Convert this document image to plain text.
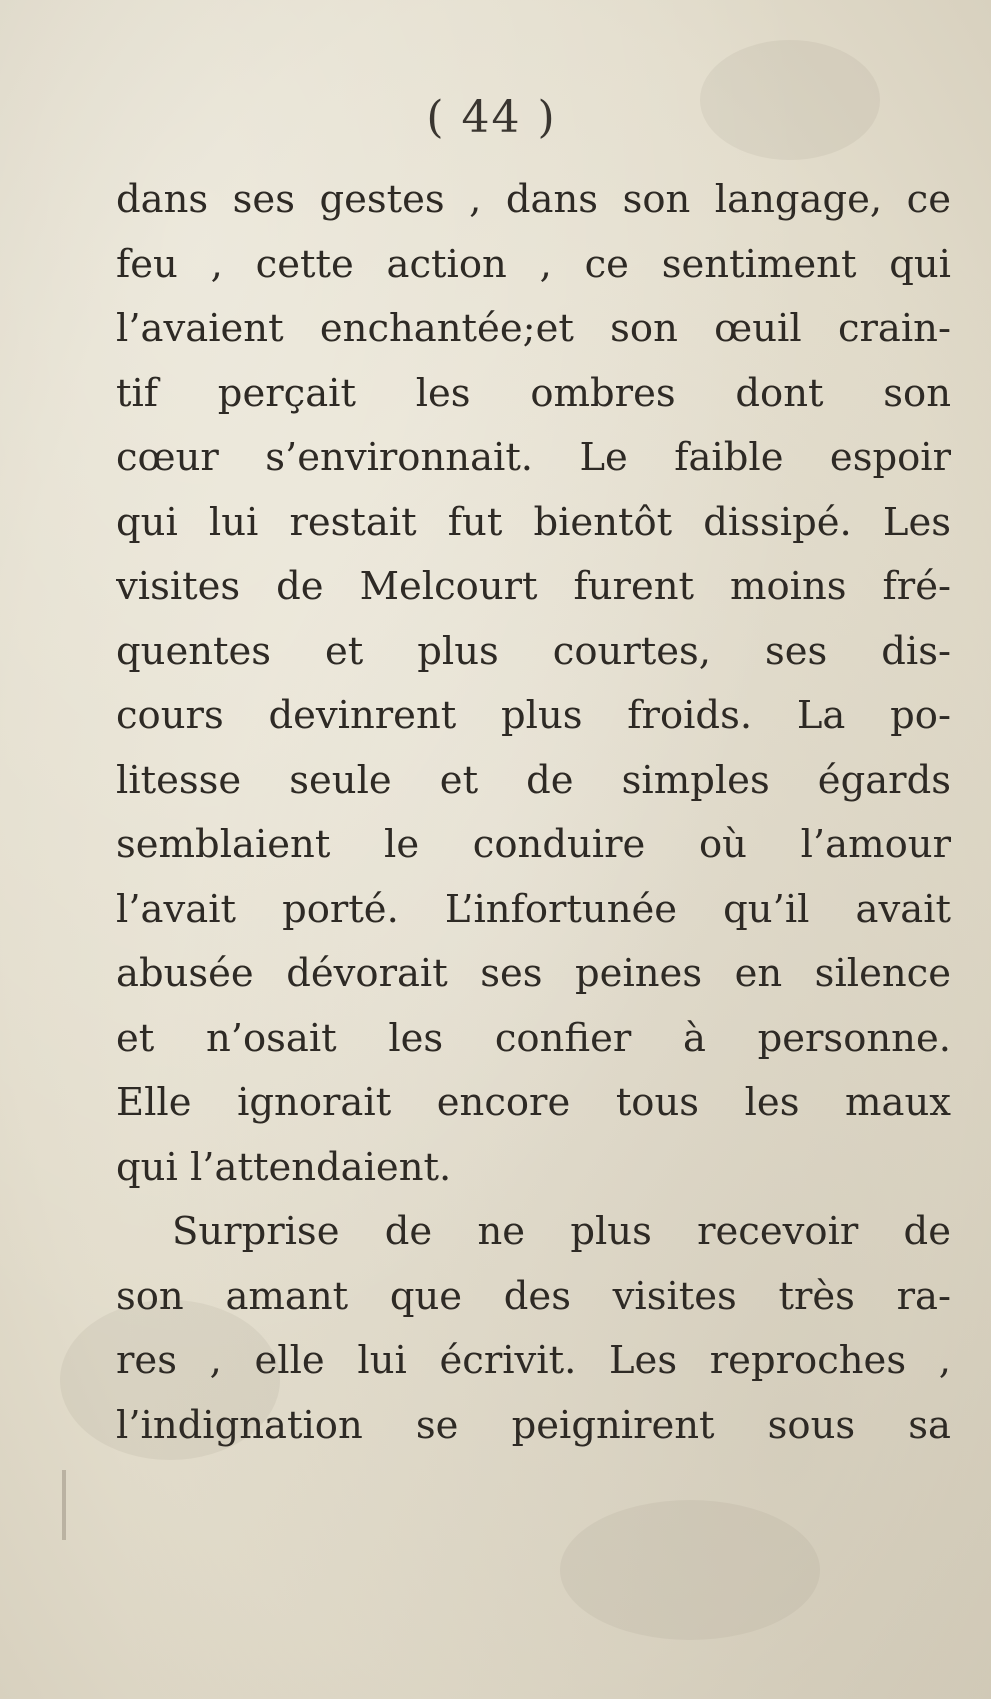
( 44 )
dans ses gestes , dans son langage, ce
feu , cette action , ce sentiment qui
l’avaient enchantée;et son œuil crain-
tif perçait les ombres dont son
cœur s’environnait. Le faible espoir
qui lui restait fut bientôt dissipé. Les
visites de Melcourt furent moins fré-
quentes et plus courtes, ses dis-
cours devinrent plus froids. La po-
litesse seule et de simples égards
semblaient le conduire où l’amour
l’avait porté. L’infortunée qu’il avait
abusée dévorait ses peines en silence
et n’osait les confier à personne.
Elle ignorait encore tous les maux
qui l’attendaient.
Surprise de ne plus recevoir de
son amant que des visites très ra-
res , elle lui écrivit. Les reproches ,
l’indignation se peignirent sous sa
